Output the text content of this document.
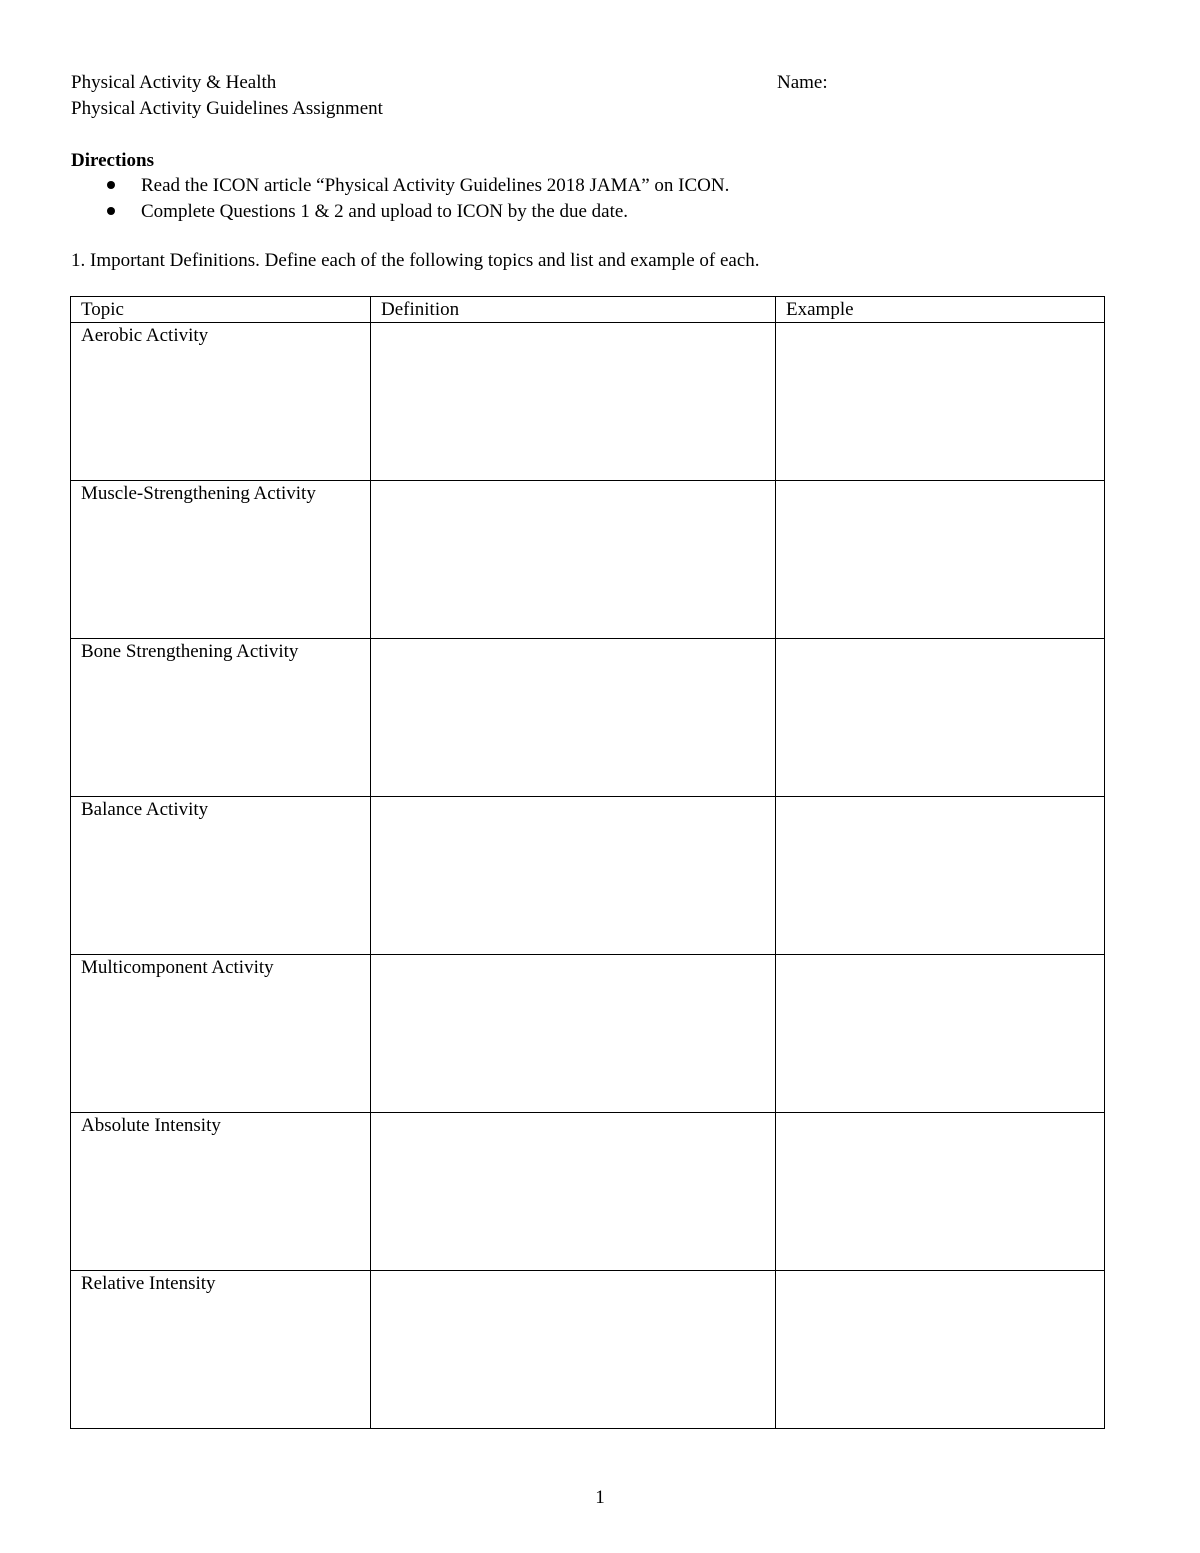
Physical Activity & Health
Physical Activity Guidelines Assignment
Name:
Directions
Read the ICON article “Physical Activity Guidelines 2018 JAMA” on ICON.
Complete Questions 1 & 2 and upload to ICON by the due date.
1. Important Definitions. Define each of the following topics and list and example of each.
Topic	Definition	Example
Aerobic Activity		
Muscle-Strengthening Activity		
Bone Strengthening Activity		
Balance Activity		
Multicomponent Activity		
Absolute Intensity		
Relative Intensity		
1
